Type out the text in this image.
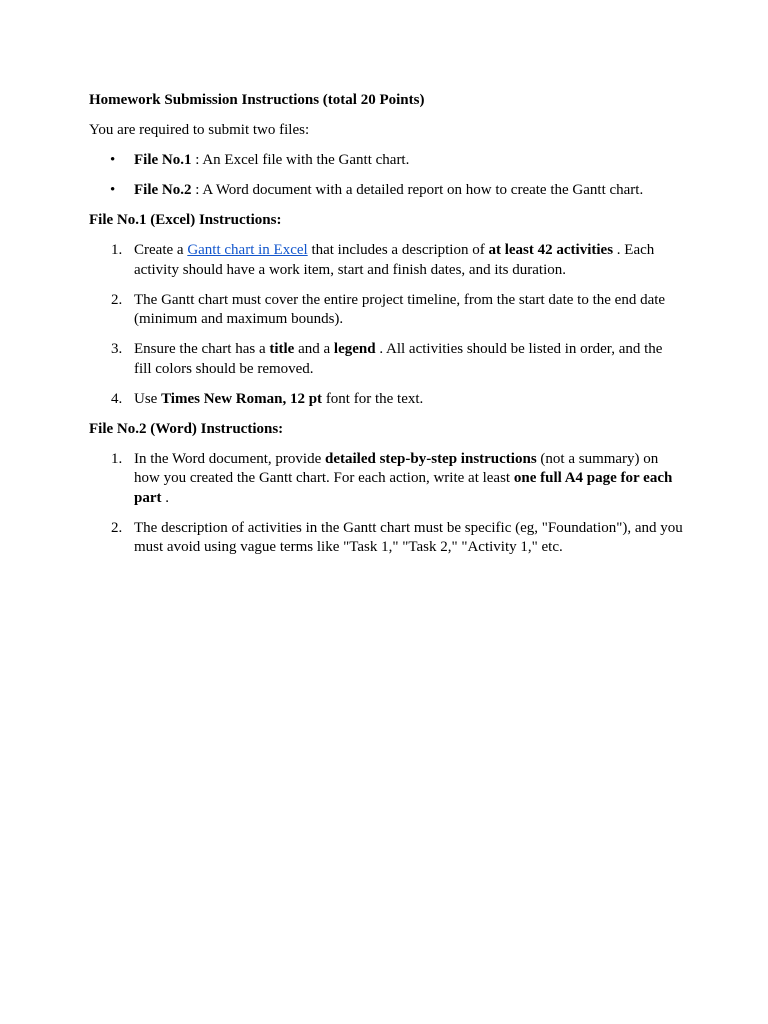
Homework Submission Instructions (total 20 Points)

You are required to submit two files:

• File No.1 : An Excel file with the Gantt chart.
• File No.2 : A Word document with a detailed report on how to create the Gantt chart.

File No.1 (Excel) Instructions:

1. Create a Gantt chart in Excel that includes a description of at least 42 activities . Each activity should have a work item, start and finish dates, and its duration.
2. The Gantt chart must cover the entire project timeline, from the start date to the end date (minimum and maximum bounds).
3. Ensure the chart has a title and a legend . All activities should be listed in order, and the fill colors should be removed.
4. Use Times New Roman, 12 pt font for the text.

File No.2 (Word) Instructions:

1. In the Word document, provide detailed step-by-step instructions (not a summary) on how you created the Gantt chart. For each action, write at least one full A4 page for each part .
2. The description of activities in the Gantt chart must be specific (eg, "Foundation"), and you must avoid using vague terms like "Task 1," "Task 2," "Activity 1," etc.
